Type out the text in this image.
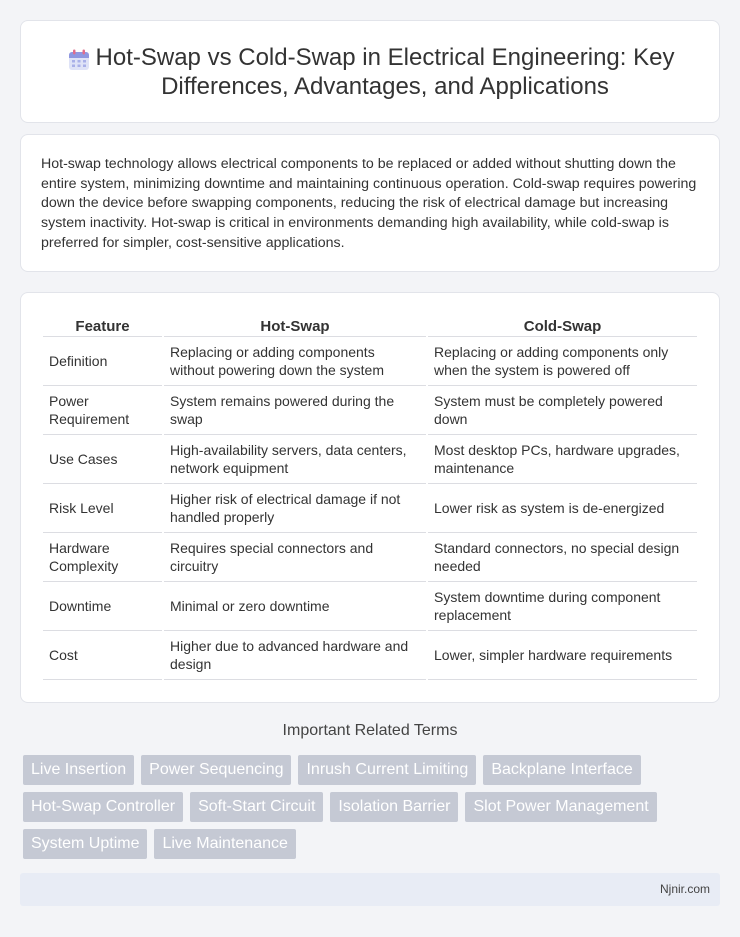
Hot-Swap vs Cold-Swap in Electrical Engineering: Key Differences, Advantages, and Applications

Hot-swap technology allows electrical components to be replaced or added without shutting down the entire system, minimizing downtime and maintaining continuous operation. Cold-swap requires powering down the device before swapping components, reducing the risk of electrical damage but increasing system inactivity. Hot-swap is critical in environments demanding high availability, while cold-swap is preferred for simpler, cost-sensitive applications.

Feature	Hot-Swap	Cold-Swap
Definition	Replacing or adding components without powering down the system	Replacing or adding components only when the system is powered off
Power Requirement	System remains powered during the swap	System must be completely powered down
Use Cases	High-availability servers, data centers, network equipment	Most desktop PCs, hardware upgrades, maintenance
Risk Level	Higher risk of electrical damage if not handled properly	Lower risk as system is de-energized
Hardware Complexity	Requires special connectors and circuitry	Standard connectors, no special design needed
Downtime	Minimal or zero downtime	System downtime during component replacement
Cost	Higher due to advanced hardware and design	Lower, simpler hardware requirements
Important Related Terms
Live Insertion	Power Sequencing	Inrush Current Limiting	Backplane Interface
Hot-Swap Controller	Soft-Start Circuit	Isolation Barrier	Slot Power Management
System Uptime	Live Maintenance
Njnir.com
